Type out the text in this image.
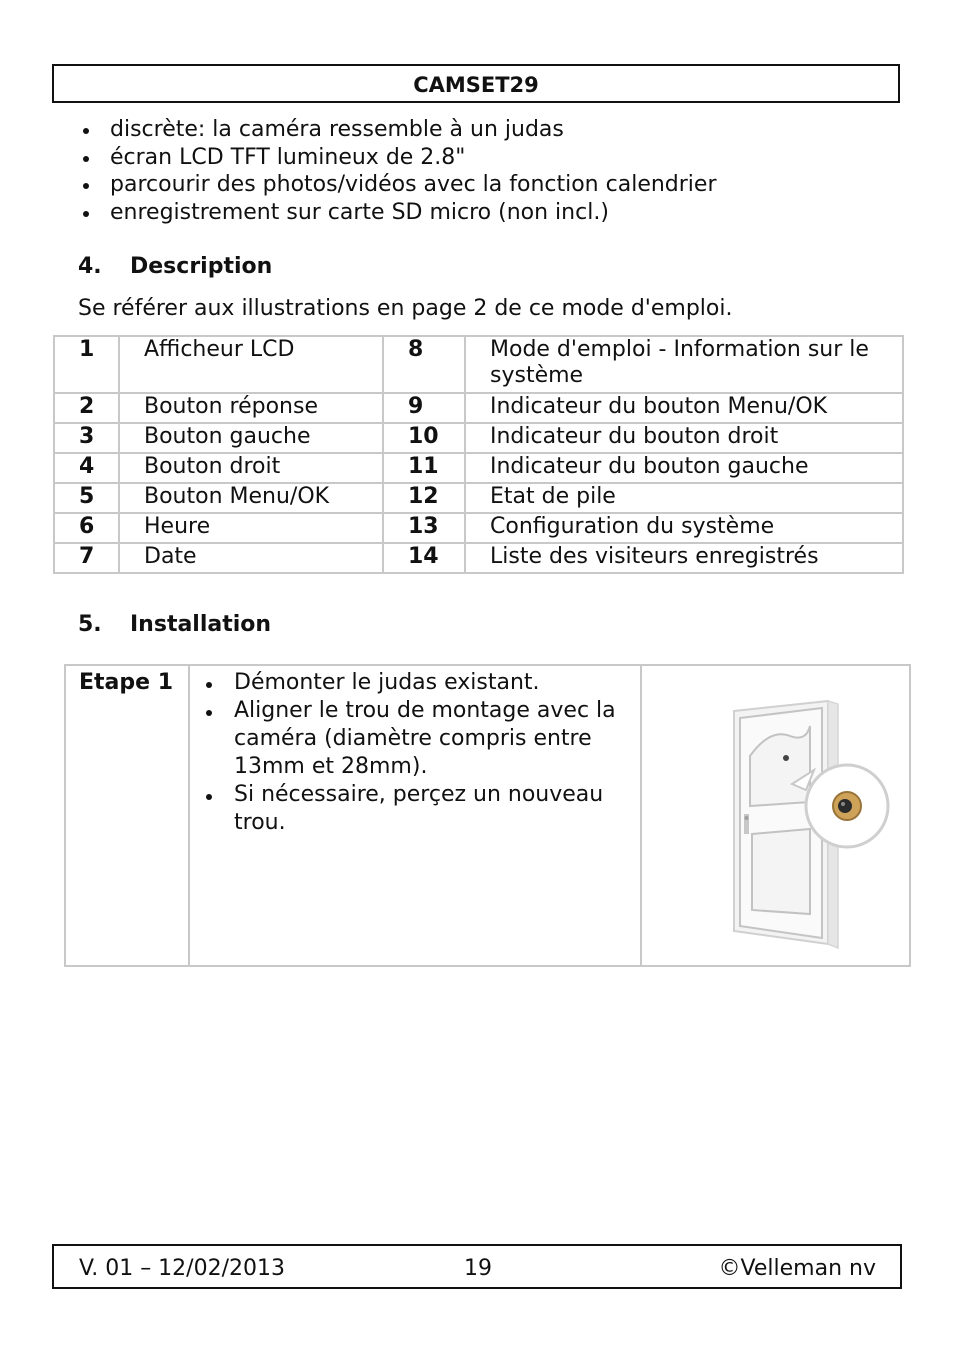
CAMSET29
discrète: la caméra ressemble à un judas
écran LCD TFT lumineux de 2.8"
parcourir des photos/vidéos avec la fonction calendrier
enregistrement sur carte SD micro (non incl.)
4. Description
Se référer aux illustrations en page 2 de ce mode d'emploi.
1	Afficheur LCD	8	Mode d'emploi - Information sur le système
2	Bouton réponse	9	Indicateur du bouton Menu/OK
3	Bouton gauche	10	Indicateur du bouton droit
4	Bouton droit	11	Indicateur du bouton gauche
5	Bouton Menu/OK	12	Etat de pile
6	Heure	13	Configuration du système
7	Date	14	Liste des visiteurs enregistrés
5. Installation
Etape 1	Démonter le judas existant.
Aligner le trou de montage avec la caméra (diamètre compris entre 13mm et 28mm).
Si nécessaire, perçez un nouveau trou.

V. 01 – 12/02/2013	19	©Velleman nv
